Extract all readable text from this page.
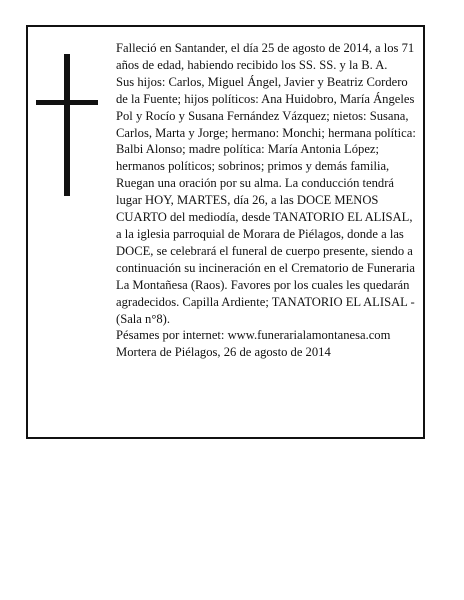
Falleció en Santander, el día 25 de agosto de 2014, a los 71 años de edad, habiendo recibido los SS. SS. y la B. A.

Sus hijos: Carlos, Miguel Ángel, Javier y Beatriz Cordero de la Fuente; hijos políticos: Ana Huidobro, María Ángeles Pol y Rocío y Susana Fernández Vázquez; nietos: Susana, Carlos, Marta y Jorge; hermano: Monchi; hermana política: Balbi Alonso; madre política: María Antonia López; hermanos políticos; sobrinos; primos y demás familia,

Ruegan una oración por su alma. La conducción tendrá lugar HOY, MARTES, día 26, a las DOCE MENOS CUARTO del mediodía, desde TANATORIO EL ALISAL, a la iglesia parroquial de Morara de Piélagos, donde a las DOCE, se celebrará el funeral de cuerpo presente, siendo a continuación su incineración en el Crematorio de Funeraria La Montañesa (Raos). Favores por los cuales les quedarán agradecidos. Capilla Ardiente; TANATORIO EL ALISAL - (Sala n°8).

Pésames por internet: www.funerarialamontanesa.com

Mortera de Piélagos, 26 de agosto de 2014
